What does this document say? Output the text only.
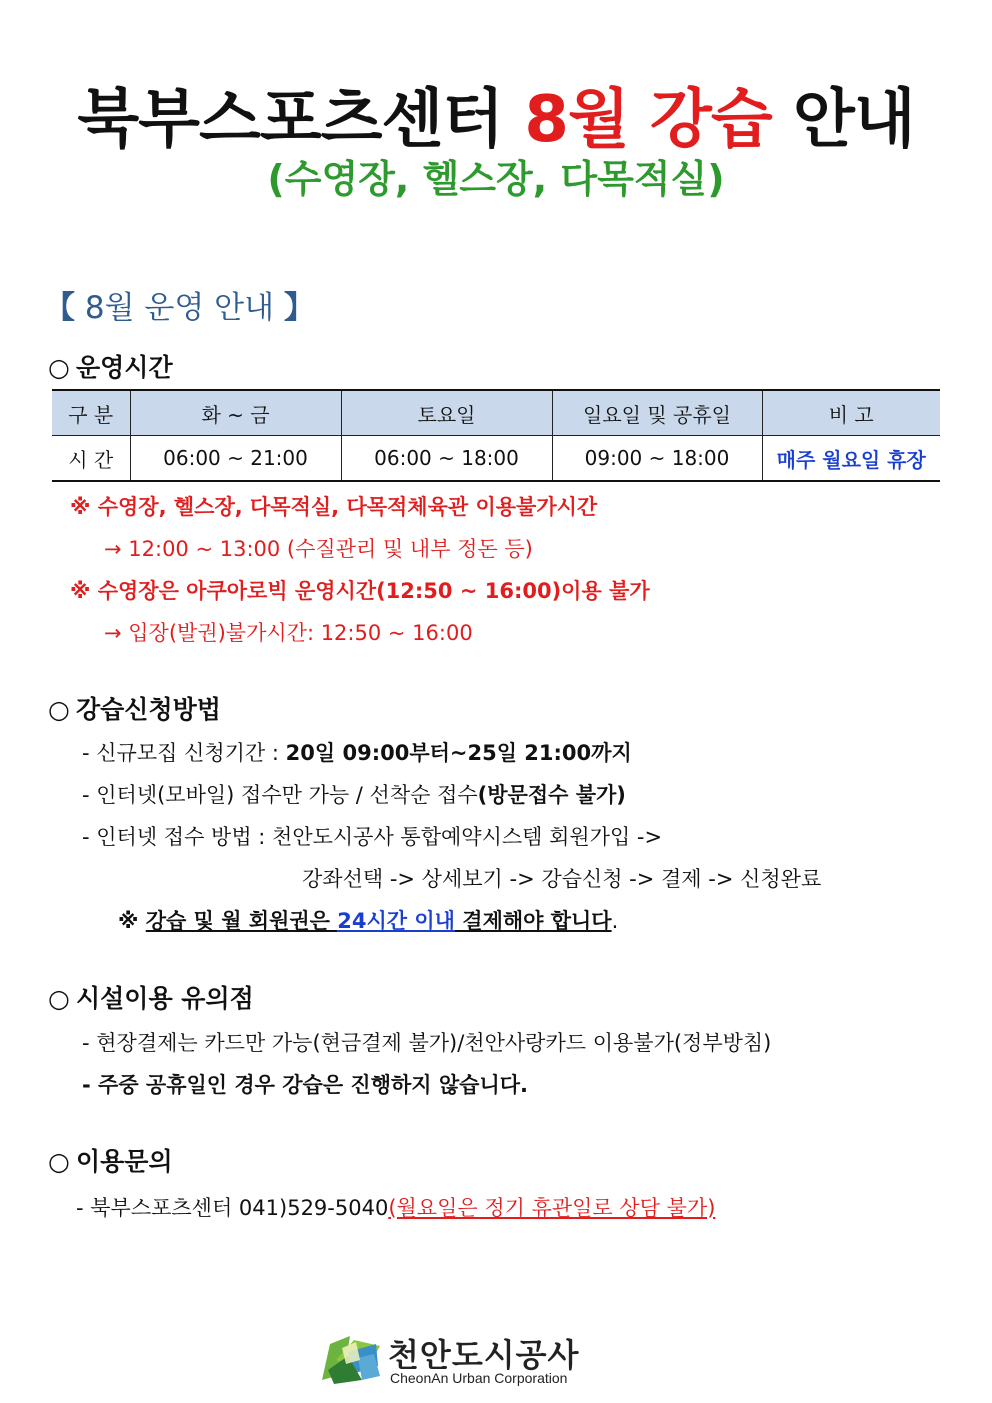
북부스포츠센터 8월 강습 안내
(수영장, 헬스장, 다목적실)
【 8월 운영 안내 】
○ 운영시간
구 분	화 ~ 금	토요일	일요일 및 공휴일	비 고
시 간	06:00 ~ 21:00	06:00 ~ 18:00	09:00 ~ 18:00	매주 월요일 휴장
※ 수영장, 헬스장, 다목적실, 다목적체육관 이용불가시간
→ 12:00 ~ 13:00 (수질관리 및 내부 정돈 등)
※ 수영장은 아쿠아로빅 운영시간(12:50 ~ 16:00)이용 불가
→ 입장(발권)불가시간: 12:50 ~ 16:00
○ 강습신청방법
- 신규모집 신청기간 : 20일 09:00부터~25일 21:00까지
- 인터넷(모바일) 접수만 가능 / 선착순 접수(방문접수 불가)
- 인터넷 접수 방법 : 천안도시공사 통합예약시스템 회원가입 ->
강좌선택 -> 상세보기 -> 강습신청 -> 결제 -> 신청완료
※ 강습 및 월 회원권은 24시간 이내 결제해야 합니다.
○ 시설이용 유의점
- 현장결제는 카드만 가능(현금결제 불가)/천안사랑카드 이용불가(정부방침)
- 주중 공휴일인 경우 강습은 진행하지 않습니다.
○ 이용문의
- 북부스포츠센터 041)529-5040(월요일은 정기 휴관일로 상담 불가)
천안도시공사
CheonAn Urban Corporation
